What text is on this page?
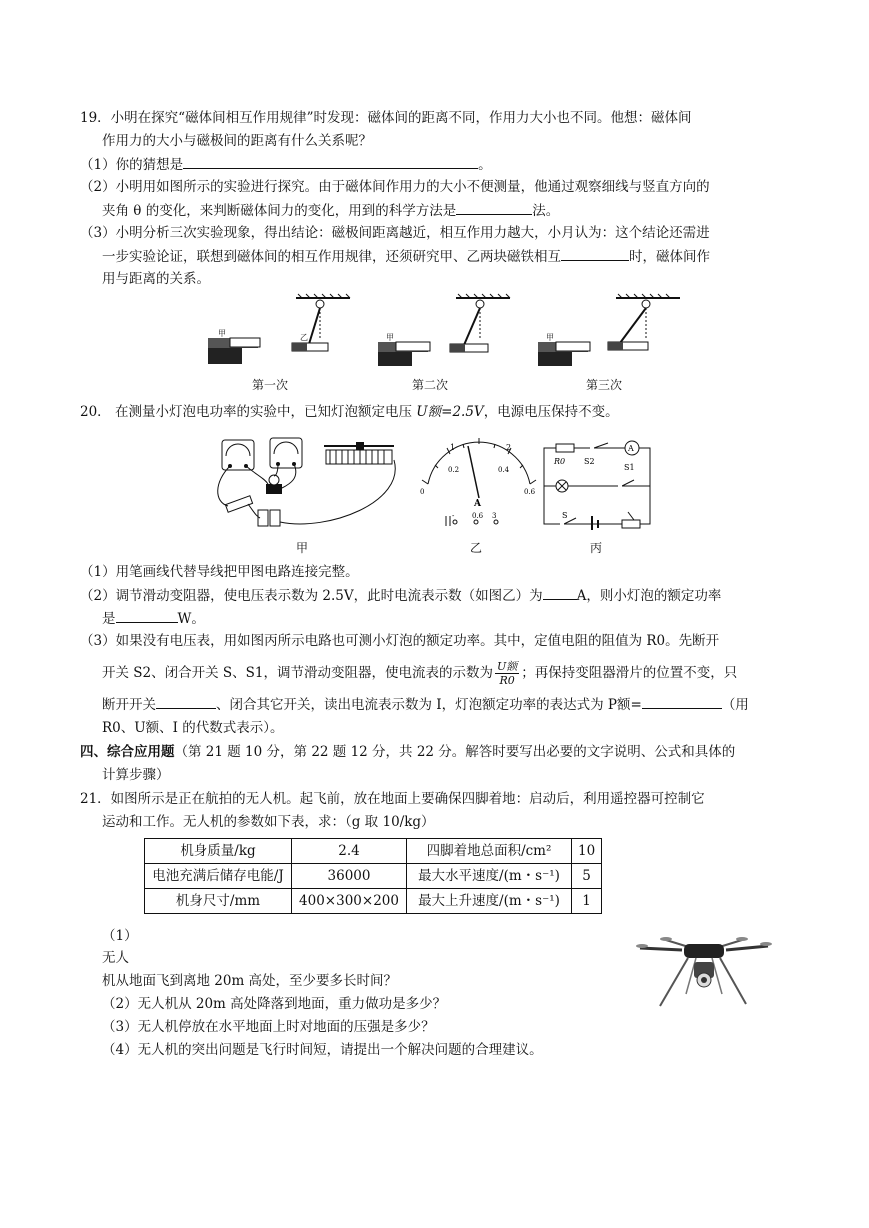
19．小明在探究“磁体间相互作用规律”时发现：磁体间的距离不同，作用力大小也不同。他想：磁体间
作用力的大小与磁极间的距离有什么关系呢？
（1）你的猜想是	。
（2）小明用如图所示的实验进行探究。由于磁体间作用力的大小不便测量，他通过观察细线与竖直方向的
夹角 θ 的变化，来判断磁体间力的变化，用到的科学方法是	法。
（3）小明分析三次实验现象，得出结论：磁极间距离越近，相互作用力越大，小月认为：这个结论还需进
一步实验论证，联想到磁体间的相互作用规律，还须研究甲、乙两块磁铁相互	时，磁体间作
用与距离的关系。
甲	乙	甲	甲
第一次	第二次	第三次
20． 在测量小灯泡电功率的实验中，已知灯泡额定电压 U额=2.5V，电源电压保持不变。
1	2
0
0.2	0.4
0.6
A
-	0.6 3
A
R0 S2
S1
S
甲	乙	丙
（1）用笔画线代替导线把甲图电路连接完整。
（2）调节滑动变阻器，使电压表示数为 2.5V，此时电流表示数（如图乙）为	A，则小灯泡的额定功率
是	W。
（3）如果没有电压表，用如图丙所示电路也可测小灯泡的额定功率。其中，定值电阻的阻值为 R0。先断开
开关 S2、闭合开关 S、S1，调节滑动变阻器，使电流表的示数为 $\frac{\text{U额}}{R0}$ ；再保持变阻器滑片的位置不变，只
断开开关	、闭合其它开关，读出电流表示数为 I，灯泡额定功率的表达式为 P额=	（用
R0、U额、I 的代数式表示）。
四、综合应用题（第 21 题 10 分，第 22 题 12 分，共 22 分。解答时要写出必要的文字说明、公式和具体的
计算步骤）
21．如图所示是正在航拍的无人机。起飞前，放在地面上要确保四脚着地：启动后，利用遥控器可控制它
运动和工作。无人机的参数如下表，求：（g 取 10/kg）
机身质量/kg	2.4	四脚着地总面积/cm²	10
电池充满后储存电能/J	36000	最大水平速度/(m・s⁻¹)	5
机身尺寸/mm	400×300×200	最大上升速度/(m・s⁻¹)	1
（1）
无人
机从地面飞到离地 20m 高处，至少要多长时间？
（2）无人机从 20m 高处降落到地面，重力做功是多少？
（3）无人机停放在水平地面上时对地面的压强是多少？
（4）无人机的突出问题是飞行时间短，请提出一个解决问题的合理建议。
